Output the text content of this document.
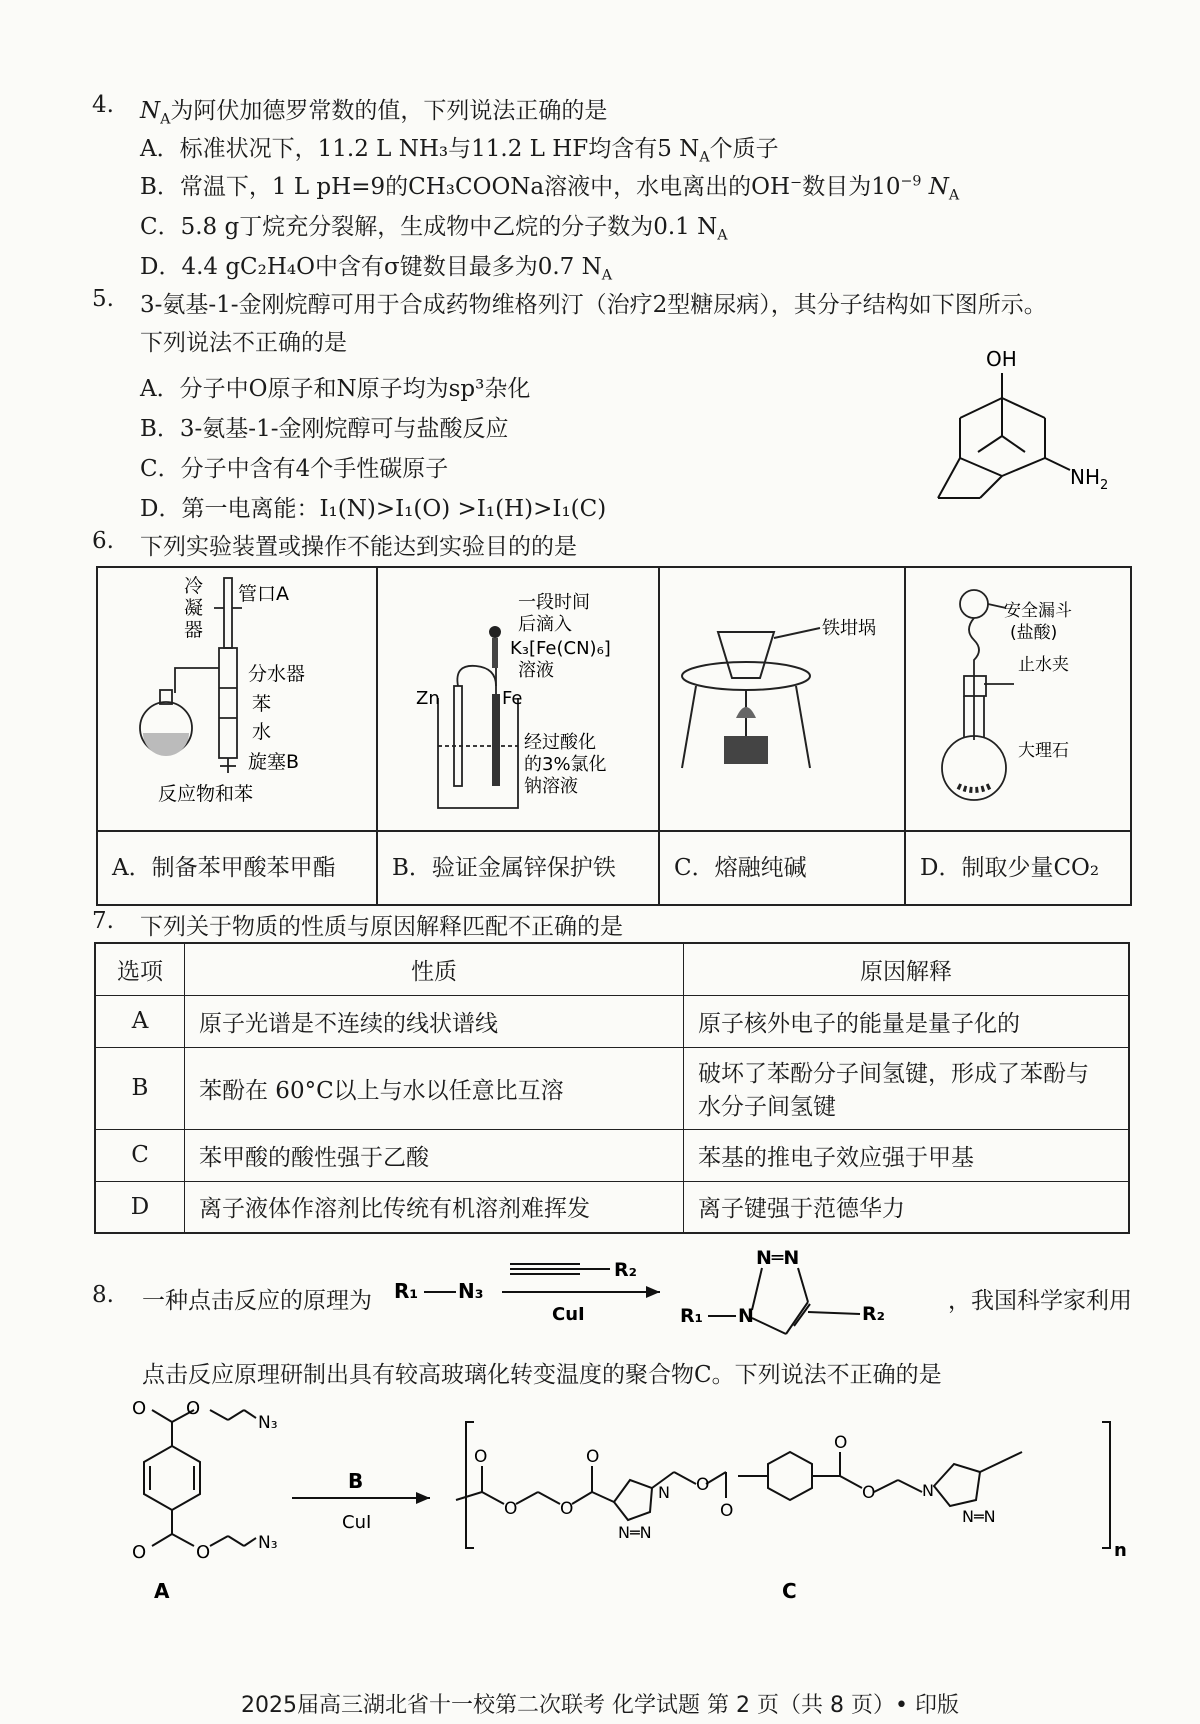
4. $N_A$为阿伏加德罗常数的值，下列说法正确的是
A．标准状况下，11.2 L NH₃与11.2 L HF均含有5 $N_A$个质子
B．常温下，1 L pH=9的CH₃COONa溶液中，水电离出的OH⁻数目为$10^{-9}$ $N_A$
C．5.8 g丁烷充分裂解，生成物中乙烷的分子数为0.1 $N_A$
D．4.4 gC₂H₄O中含有σ键数目最多为0.7 $N_A$
5. 3-氨基-1-金刚烷醇可用于合成药物维格列汀（治疗2型糖尿病），其分子结构如下图所示。
下列说法不正确的是
A．分子中O原子和N原子均为sp³杂化
B．3-氨基-1-金刚烷醇可与盐酸反应
C．分子中含有4个手性碳原子
D．第一电离能：I₁(N)>I₁(O) >I₁(H)>I₁(C)
OH
$NH_2$
6. 下列实验装置或操作不能达到实验目的的是
冷
凝
器
管口A
分水器
苯
水
旋塞B
反应物和苯
A．制备苯甲酸苯甲酯
一段时间
后滴入
K₃[Fe(CN)₆]
溶液
Zn	Fe
经过酸化
的3%氯化
钠溶液
B．验证金属锌保护铁
铁坩埚
C．熔融纯碱
安全漏斗
(盐酸)
止水夹
大理石
D．制取少量CO₂
7. 下列关于物质的性质与原因解释匹配不正确的是
选项	性质	原因解释
A	原子光谱是不连续的线状谱线	原子核外电子的能量是量子化的
B	苯酚在 60°C以上与水以任意比互溶	破坏了苯酚分子间氢键，形成了苯酚与
水分子间氢键

C	苯甲酸的酸性强于乙酸	苯基的推电子效应强于甲基
D	离子液体作溶剂比传统有机溶剂难挥发	离子键强于范德华力
8. 一种点击反应的原理为	，我国科学家利用
R₁ N₃
R₂
CuI	R₁ N
N═N
R₂
点击反应原理研制出具有较高玻璃化转变温度的聚合物C。下列说法不正确的是
O
O
N₃
O	O	N₃
A
B
CuI
O
O	O
O
O
O
O
O
N═N
N	N
N═N
n
C
2025届高三湖北省十一校第二次联考 化学试题 第 2 页（共 8 页）• 印版
